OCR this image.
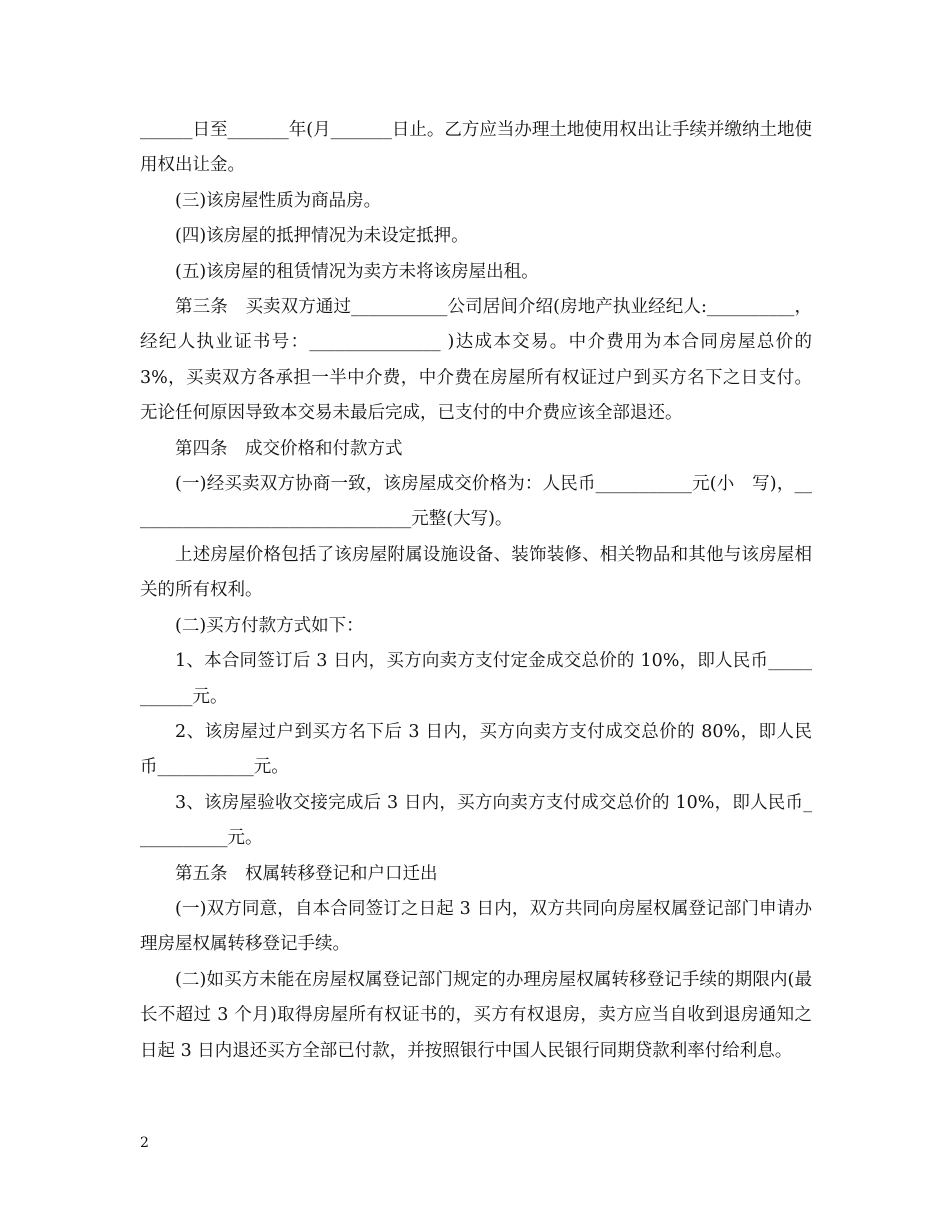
______日至_______年(月_______日止。乙方应当办理土地使用权出让手续并缴纳土地使用权出让金。

(三)该房屋性质为商品房。

(四)该房屋的抵押情况为未设定抵押。

(五)该房屋的租赁情况为卖方未将该房屋出租。

第三条　买卖双方通过___________公司居间介绍(房地产执业经纪人:__________，经纪人执业证书号：_______________ )达成本交易。中介费用为本合同房屋总价的 3%，买卖双方各承担一半中介费，中介费在房屋所有权证过户到买方名下之日支付。无论任何原因导致本交易未最后完成，已支付的中介费应该全部退还。

第四条　成交价格和付款方式

(一)经买卖双方协商一致，该房屋成交价格为：人民币___________元(小　写)，_________________________________元整(大写)。

上述房屋价格包括了该房屋附属设施设备、装饰装修、相关物品和其他与该房屋相关的所有权利。

(二)买方付款方式如下：

1、本合同签订后 3 日内，买方向卖方支付定金成交总价的 10%，即人民币___________元。

2、该房屋过户到买方名下后 3 日内，买方向卖方支付成交总价的 80%，即人民币___________元。

3、该房屋验收交接完成后 3 日内，买方向卖方支付成交总价的 10%，即人民币___________元。

第五条　权属转移登记和户口迁出

(一)双方同意，自本合同签订之日起 3 日内，双方共同向房屋权属登记部门申请办理房屋权属转移登记手续。

(二)如买方未能在房屋权属登记部门规定的办理房屋权属转移登记手续的期限内(最长不超过 3 个月)取得房屋所有权证书的，买方有权退房，卖方应当自收到退房通知之日起 3 日内退还买方全部已付款，并按照银行中国人民银行同期贷款利率付给利息。

2
